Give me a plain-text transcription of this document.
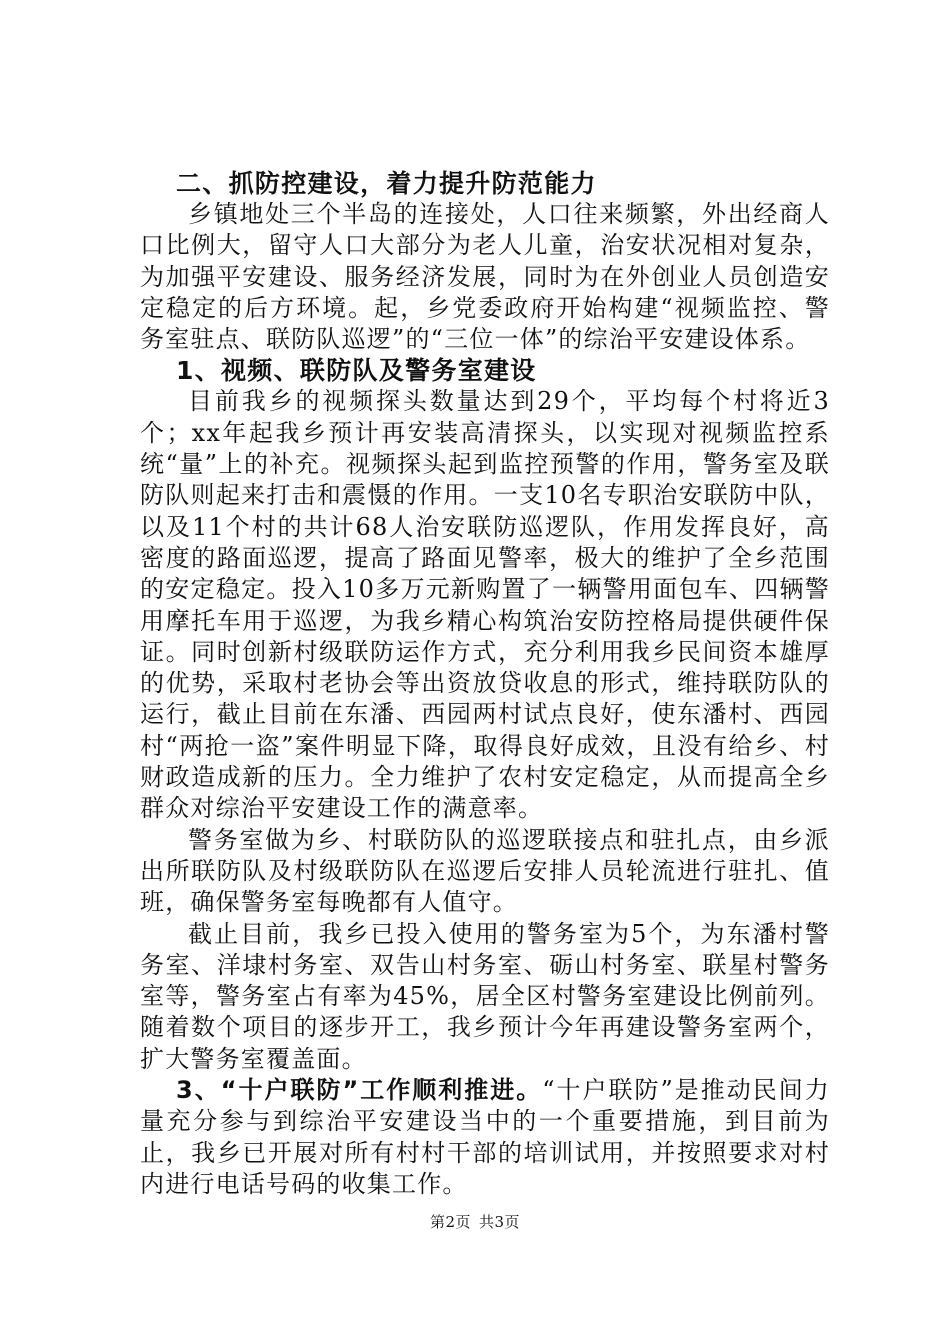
二、抓防控建设，着力提升防范能力

乡镇地处三个半岛的连接处，人口往来频繁，外出经商人口比例大，留守人口大部分为老人儿童，治安状况相对复杂，为加强平安建设、服务经济发展，同时为在外创业人员创造安定稳定的后方环境。起，乡党委政府开始构建“视频监控、警务室驻点、联防队巡逻”的“三位一体”的综治平安建设体系。

1、视频、联防队及警务室建设

目前我乡的视频探头数量达到29个，平均每个村将近3个；xx年起我乡预计再安装高清探头，以实现对视频监控系统“量”上的补充。视频探头起到监控预警的作用，警务室及联防队则起来打击和震慑的作用。一支10名专职治安联防中队，以及11个村的共计68人治安联防巡逻队，作用发挥良好，高密度的路面巡逻，提高了路面见警率，极大的维护了全乡范围的安定稳定。投入10多万元新购置了一辆警用面包车、四辆警用摩托车用于巡逻，为我乡精心构筑治安防控格局提供硬件保证。同时创新村级联防运作方式，充分利用我乡民间资本雄厚的优势，采取村老协会等出资放贷收息的形式，维持联防队的运行，截止目前在东潘、西园两村试点良好，使东潘村、西园村“两抢一盗”案件明显下降，取得良好成效，且没有给乡、村财政造成新的压力。全力维护了农村安定稳定，从而提高全乡群众对综治平安建设工作的满意率。

警务室做为乡、村联防队的巡逻联接点和驻扎点，由乡派出所联防队及村级联防队在巡逻后安排人员轮流进行驻扎、值班，确保警务室每晚都有人值守。

截止目前，我乡已投入使用的警务室为5个，为东潘村警务室、洋埭村务室、双告山村务室、砺山村务室、联星村警务室等，警务室占有率为45%，居全区村警务室建设比例前列。随着数个项目的逐步开工，我乡预计今年再建设警务室两个，扩大警务室覆盖面。

3、“十户联防”工作顺利推进。“十户联防”是推动民间力量充分参与到综治平安建设当中的一个重要措施，到目前为止，我乡已开展对所有村村干部的培训试用，并按照要求对村内进行电话号码的收集工作。

第2页 共3页
